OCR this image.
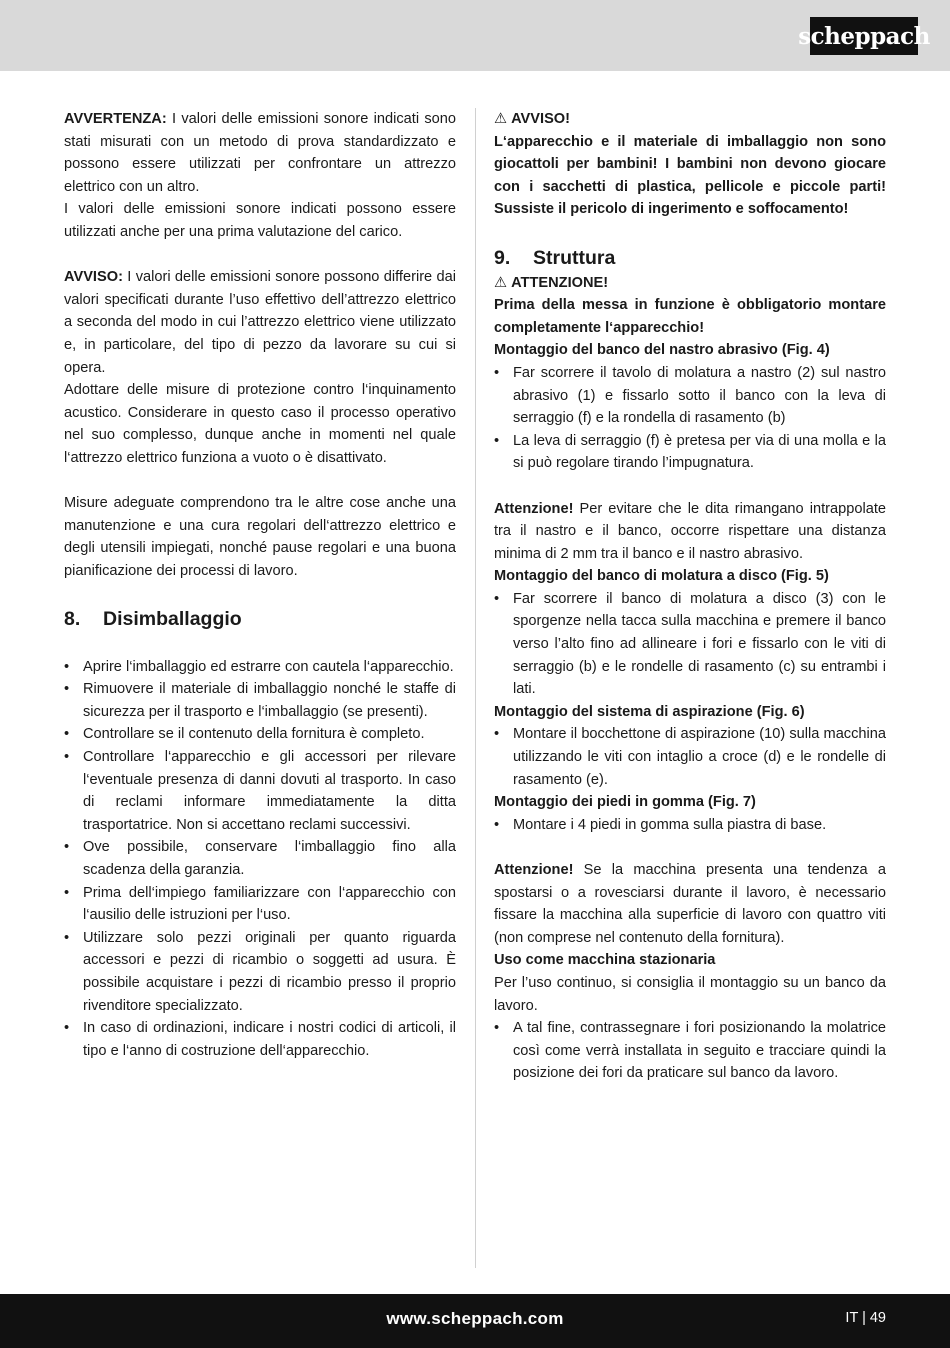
scheppach

AVVERTENZA: I valori delle emissioni sonore indicati sono stati misurati con un metodo di prova standardizzato e possono essere utilizzati per confrontare un attrezzo elettrico con un altro.

I valori delle emissioni sonore indicati possono essere utilizzati anche per una prima valutazione del carico.

AVVISO: I valori delle emissioni sonore possono differire dai valori specificati durante l’uso effettivo dell’attrezzo elettrico a seconda del modo in cui l’attrezzo elettrico viene utilizzato e, in particolare, del tipo di pezzo da lavorare su cui si opera.

Adottare delle misure di protezione contro l‘inquinamento acustico. Considerare in questo caso il processo operativo nel suo complesso, dunque anche in momenti nel quale l‘attrezzo elettrico funziona a vuoto o è disattivato.

Misure adeguate comprendono tra le altre cose anche una manutenzione e una cura regolari dell‘attrezzo elettrico e degli utensili impiegati, nonché pause regolari e una buona pianificazione dei processi di lavoro.

8.	Disimballaggio
• Aprire l‘imballaggio ed estrarre con cautela l‘apparecchio.
• Rimuovere il materiale di imballaggio nonché le staffe di sicurezza per il trasporto e l‘imballaggio (se presenti).
• Controllare se il contenuto della fornitura è completo.
• Controllare l‘apparecchio e gli accessori per rilevare l‘eventuale presenza di danni dovuti al trasporto. In caso di reclami informare immediatamente la ditta trasportatrice. Non si accettano reclami successivi.
• Ove possibile, conservare l‘imballaggio fino alla scadenza della garanzia.
• Prima dell‘impiego familiarizzare con l‘apparecchio con l‘ausilio delle istruzioni per l‘uso.
• Utilizzare solo pezzi originali per quanto riguarda accessori e pezzi di ricambio o soggetti ad usura. È possibile acquistare i pezzi di ricambio presso il proprio rivenditore specializzato.
• In caso di ordinazioni, indicare i nostri codici di articoli, il tipo e l‘anno di costruzione dell‘apparecchio.

⚠ AVVISO!

L‘apparecchio e il materiale di imballaggio non sono giocattoli per bambini! I bambini non devono giocare con i sacchetti di plastica, pellicole e piccole parti! Sussiste il pericolo di ingerimento e soffocamento!

9.	Struttura

⚠ ATTENZIONE!

Prima della messa in funzione è obbligatorio montare completamente l‘apparecchio!

Montaggio del banco del nastro abrasivo (Fig. 4)

• Far scorrere il tavolo di molatura a nastro (2) sul nastro abrasivo (1) e fissarlo sotto il banco con la leva di serraggio (f) e la rondella di rasamento (b)
• La leva di serraggio (f) è pretesa per via di una molla e la si può regolare tirando l’impugnatura.

Attenzione! Per evitare che le dita rimangano intrappolate tra il nastro e il banco, occorre rispettare una distanza minima di 2 mm tra il banco e il nastro abrasivo.

Montaggio del banco di molatura a disco (Fig. 5)

• Far scorrere il banco di molatura a disco (3) con le sporgenze nella tacca sulla macchina e premere il banco verso l’alto fino ad allineare i fori e fissarlo con le viti di serraggio (b) e le rondelle di rasamento (c) su entrambi i lati.

Montaggio del sistema di aspirazione (Fig. 6)

• Montare il bocchettone di aspirazione (10) sulla macchina utilizzando le viti con intaglio a croce (d) e le rondelle di rasamento (e).

Montaggio dei piedi in gomma (Fig. 7)

• Montare i 4 piedi in gomma sulla piastra di base.

Attenzione! Se la macchina presenta una tendenza a spostarsi o a rovesciarsi durante il lavoro, è necessario fissare la macchina alla superficie di lavoro con quattro viti (non comprese nel contenuto della fornitura).

Uso come macchina stazionaria

Per l’uso continuo, si consiglia il montaggio su un banco da lavoro.

• A tal fine, contrassegnare i fori posizionando la molatrice così come verrà installata in seguito e tracciare quindi la posizione dei fori da praticare sul banco da lavoro.
www.scheppach.com	IT | 49
